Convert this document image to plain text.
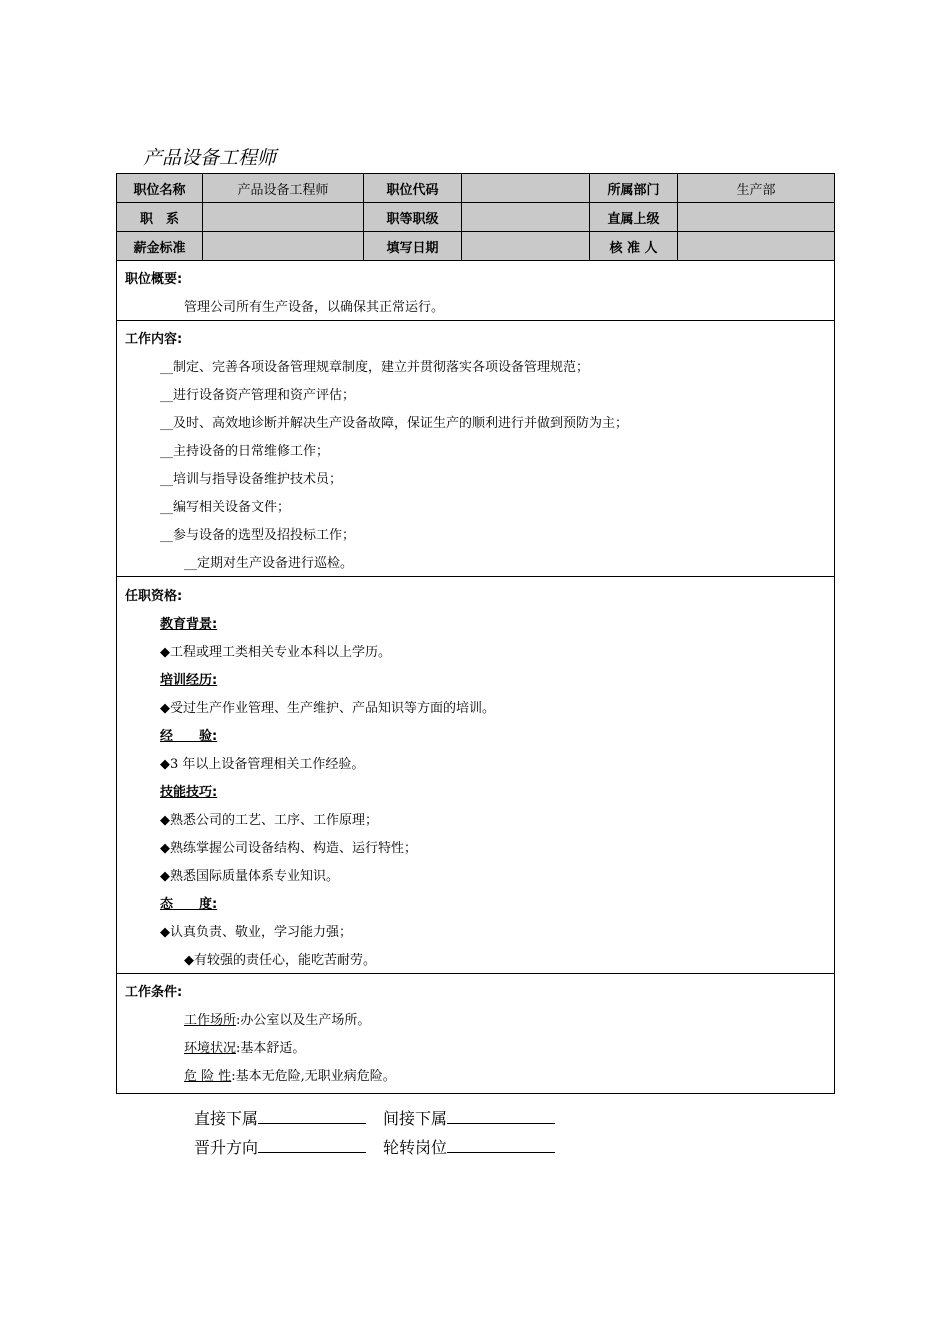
产品设备工程师
职位名称	产品设备工程师	职位代码		所属部门	生产部
职　系		职等职级		直属上级	
薪金标准		填写日期		核 准 人	
职位概要:
管理公司所有生产设备，以确保其正常运行。
工作内容:
__制定、完善各项设备管理规章制度，建立并贯彻落实各项设备管理规范；
__进行设备资产管理和资产评估；
__及时、高效地诊断并解决生产设备故障，保证生产的顺利进行并做到预防为主；
__主持设备的日常维修工作；
__培训与指导设备维护技术员；
__编写相关设备文件；
__参与设备的选型及招投标工作；
__定期对生产设备进行巡检。
任职资格:
教育背景:
◆工程或理工类相关专业本科以上学历。
培训经历:
◆受过生产作业管理、生产维护、产品知识等方面的培训。
经　　验:
◆3 年以上设备管理相关工作经验。
技能技巧:
◆熟悉公司的工艺、工序、工作原理；
◆熟练掌握公司设备结构、构造、运行特性；
◆熟悉国际质量体系专业知识。
态　　度:
◆认真负责、敬业，学习能力强；
◆有较强的责任心，能吃苦耐劳。
工作条件:
工作场所:办公室以及生产场所。
环境状况:基本舒适。
危 险 性:基本无危险,无职业病危险。
直接下属	间接下属
晋升方向	轮转岗位
